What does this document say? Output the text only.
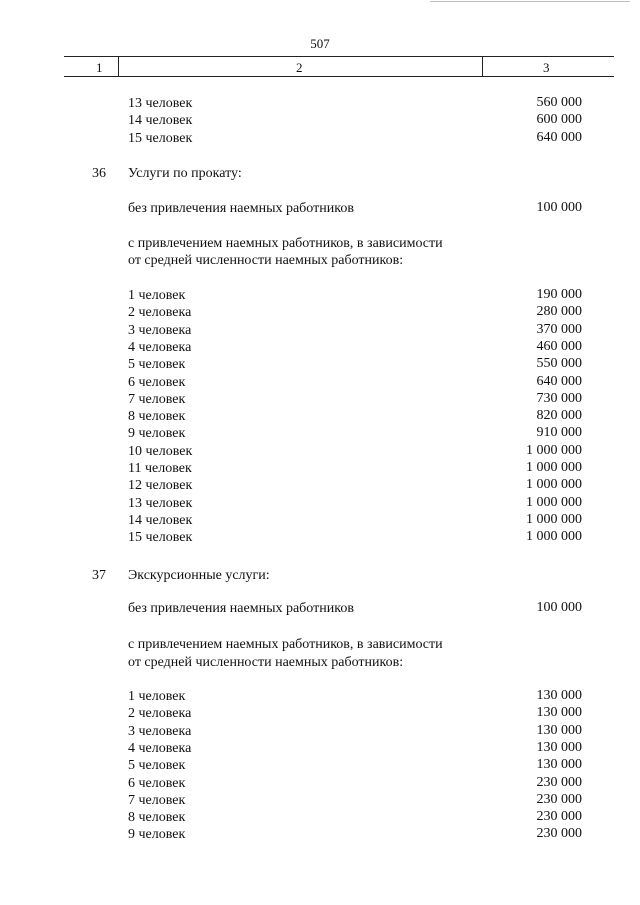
507
1	2	3
13 человек	560 000
14 человек	600 000
15 человек	640 000
36 Услуги по прокату:
без привлечения наемных работников	100 000
с привлечением наемных работников, в зависимости
от средней численности наемных работников:
1 человек	190 000
2 человека	280 000
3 человека	370 000
4 человека	460 000
5 человек	550 000
6 человек	640 000
7 человек	730 000
8 человек	820 000
9 человек	910 000
10 человек	1 000 000
11 человек	1 000 000
12 человек	1 000 000
13 человек	1 000 000
14 человек	1 000 000
15 человек	1 000 000
37 Экскурсионные услуги:
без привлечения наемных работников	100 000
с привлечением наемных работников, в зависимости
от средней численности наемных работников:
1 человек	130 000
2 человека	130 000
3 человека	130 000
4 человека	130 000
5 человек	130 000
6 человек	230 000
7 человек	230 000
8 человек	230 000
9 человек	230 000
